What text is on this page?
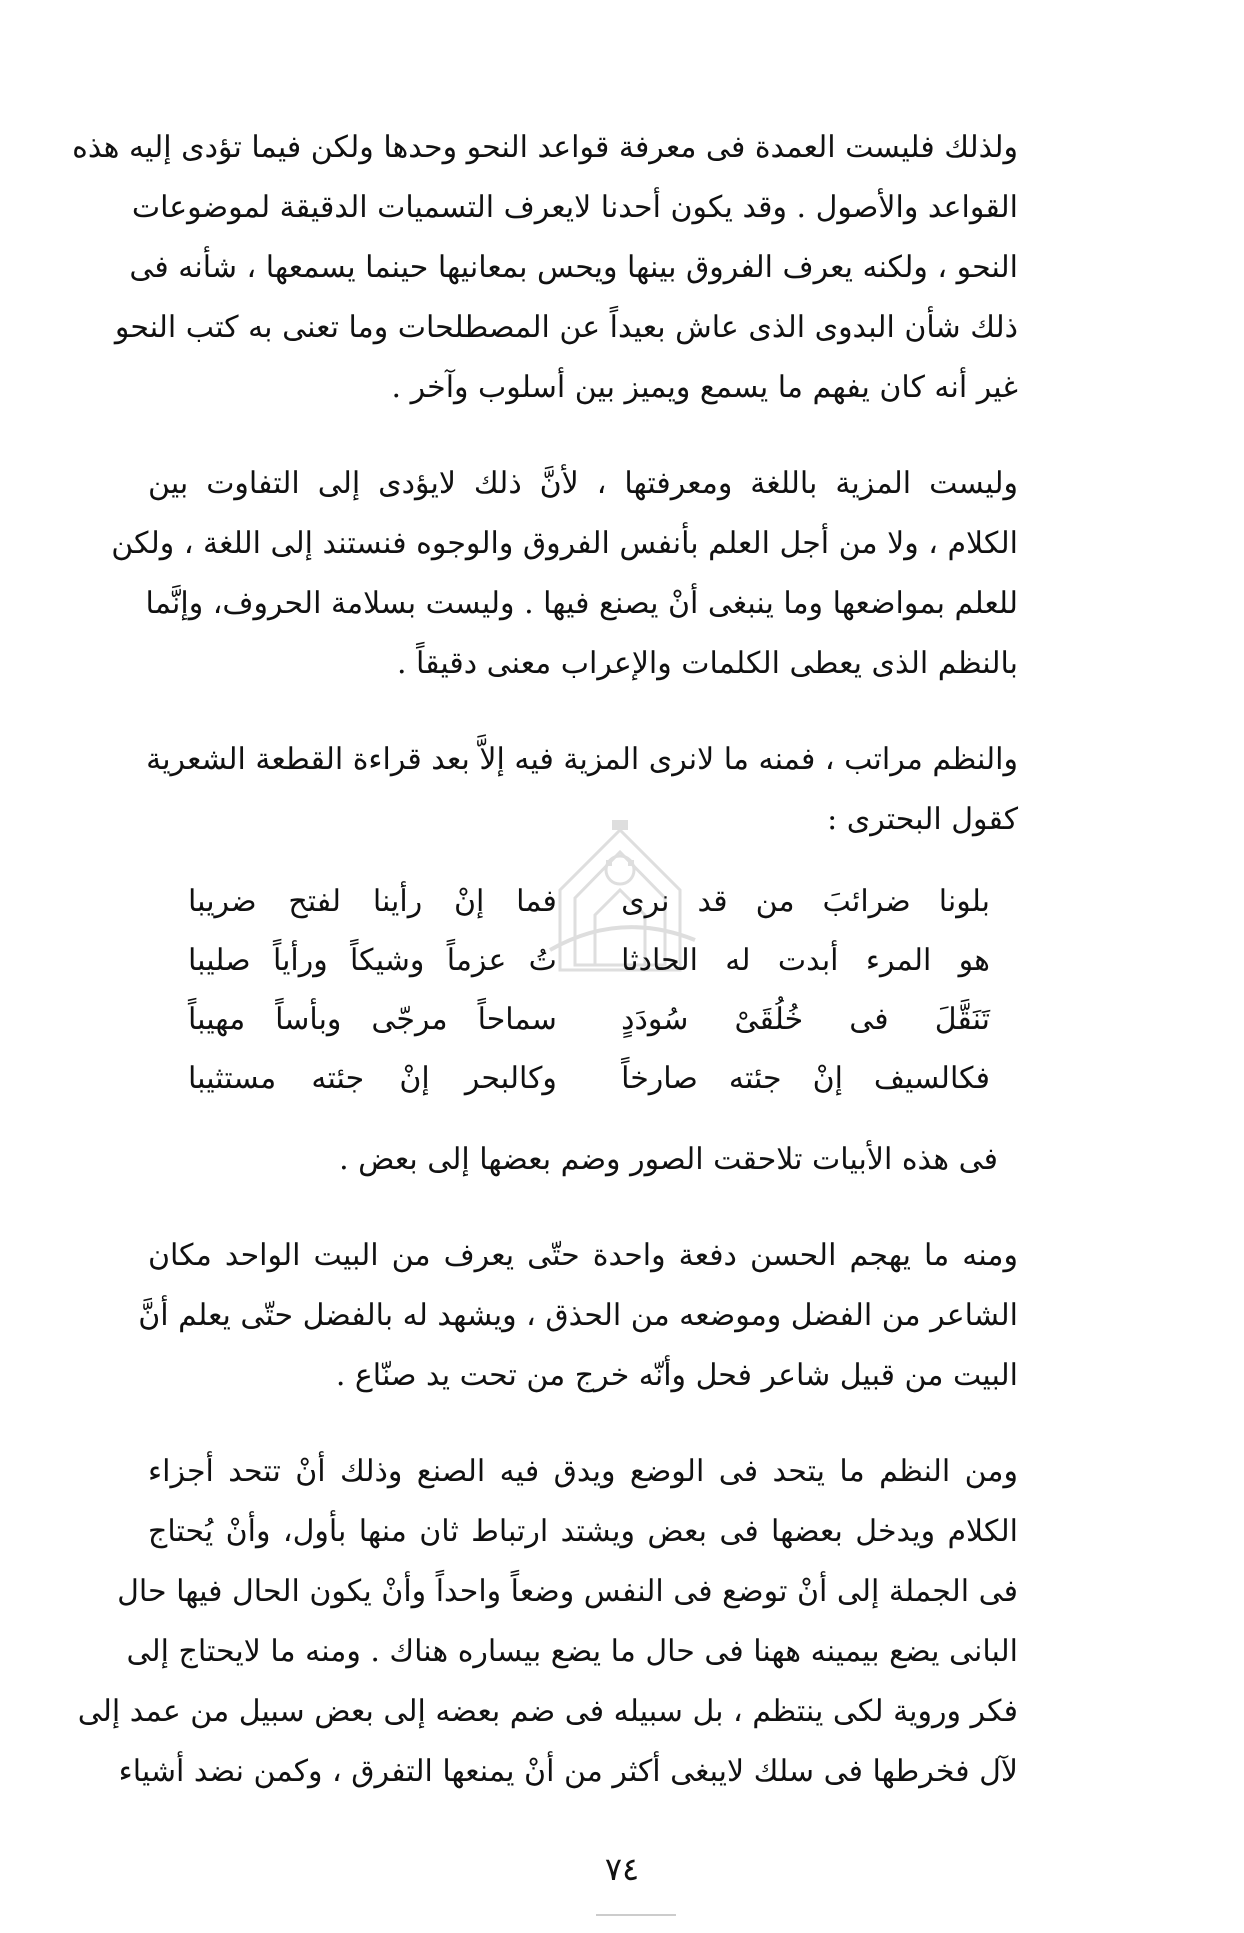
ولذلك فليست العمدة فى معرفة قواعد النحو وحدها ولكن فيما تؤدى إليه هذه
القواعد والأصول . وقد يكون أحدنا لايعرف التسميات الدقيقة لموضوعات
النحو ، ولكنه يعرف الفروق بينها ويحس بمعانيها حينما يسمعها ، شأنه فى
ذلك شأن البدوى الذى عاش بعيداً عن المصطلحات وما تعنى به كتب النحو
غير أنه كان يفهم ما يسمع ويميز بين أسلوب وآخر .

وليست المزية باللغة ومعرفتها ، لأنَّ ذلك لايؤدى إلى التفاوت بين
الكلام ، ولا من أجل العلم بأنفس الفروق والوجوه فنستند إلى اللغة ، ولكن
للعلم بمواضعها وما ينبغى أنْ يصنع فيها . وليست بسلامة الحروف، وإنَّما
بالنظم الذى يعطى الكلمات والإعراب معنى دقيقاً .

والنظم مراتب ، فمنه ما لانرى المزية فيه إلاَّ بعد قراءة القطعة الشعرية
كقول البحترى :

بلونا ضرائبَ من قد نرى
فما إنْ رأينا لفتح ضريبا
هو المرء أبدت له الحادثا
تُ عزماً وشيكاً ورأياً صليبا
تَنَقَّلَ فى خُلُقَىْ سُودَدٍ
سماحاً مرجّى وبأساً مهيباً
فكالسيف إنْ جئته صارخاً
وكالبحر إنْ جئته مستثيبا
فى هذه الأبيات تلاحقت الصور وضم بعضها إلى بعض .

ومنه ما يهجم الحسن دفعة واحدة حتّى يعرف من البيت الواحد مكان
الشاعر من الفضل وموضعه من الحذق ، ويشهد له بالفضل حتّى يعلم أنَّ
البيت من قبيل شاعر فحل وأنّه خرج من تحت يد صنّاع .

ومن النظم ما يتحد فى الوضع ويدق فيه الصنع وذلك أنْ تتحد أجزاء
الكلام ويدخل بعضها فى بعض ويشتد ارتباط ثان منها بأول، وأنْ يُحتاج
فى الجملة إلى أنْ توضع فى النفس وضعاً واحداً وأنْ يكون الحال فيها حال
البانى يضع بيمينه ههنا فى حال ما يضع بيساره هناك . ومنه ما لايحتاج إلى
فكر وروية لكى ينتظم ، بل سبيله فى ضم بعضه إلى بعض سبيل من عمد إلى
لآل فخرطها فى سلك لايبغى أكثر من أنْ يمنعها التفرق ، وكمن نضد أشياء

٧٤
